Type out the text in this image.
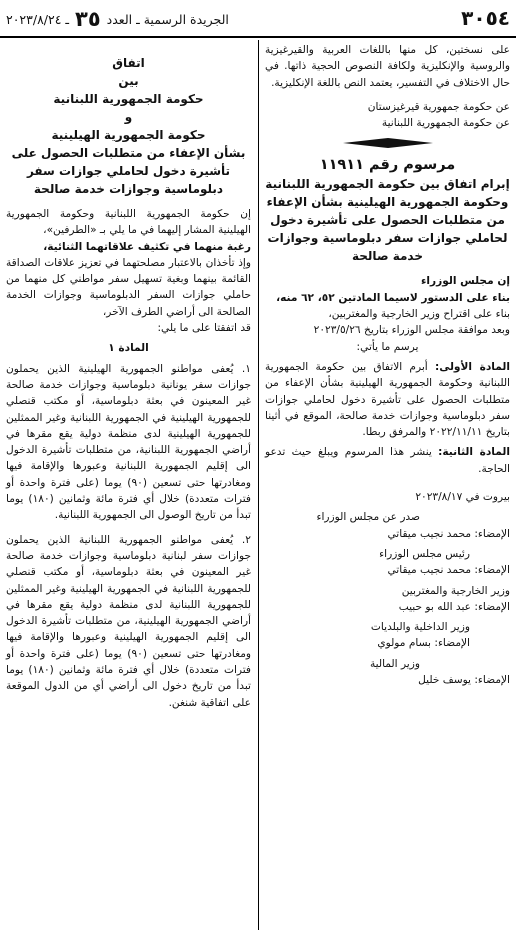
٣٠٥٤
الجريدة الرسمية ـ العدد ٣٥ ـ ٢٠٢٣/٨/٢٤

على نسختين، كل منها باللغات العربية والقيرغيزية والروسية والإنكليزية ولكافة النصوص الحجية ذاتها. في حال الاختلاف في التفسير، يعتمد النص باللغة الإنكليزية.

عن حكومة جمهورية قيرغيزستان

عن حكومة الجمهورية اللبنانية

مرسوم رقم ١١٩١١

إبرام اتفاق بين حكومة الجمهورية اللبنانية وحكومة الجمهورية الهيلينية بشأن الإعفاء من متطلبات الحصول على تأشيرة دخول لحاملي جوازات سفر دبلوماسية وجوازات خدمة صالحة

إن مجلس الوزراء

بناء على الدستور لاسيما المادتين ٥٢، ٦٢ منه،

بناء على اقتراح وزير الخارجية والمغتربين،

وبعد موافقة مجلس الوزراء بتاريخ ٢٠٢٣/٥/٢٦

يرسم ما يأتي:

المادة الأولى: أبرم الاتفاق بين حكومة الجمهورية اللبنانية وحكومة الجمهورية الهيلينية بشأن الإعفاء من متطلبات الحصول على تأشيرة دخول لحاملي جوازات سفر دبلوماسية وجوازات خدمة صالحة، الموقع في أثينا بتاريخ ٢٠٢٢/١١/١١ والمرفق ربطا.

المادة الثانية: ينشر هذا المرسوم ويبلغ حيث تدعو الحاجة.

بيروت في ٢٠٢٣/٨/١٧

صدر عن مجلس الوزراء

الإمضاء: محمد نجيب ميقاتي

رئيس مجلس الوزراء

الإمضاء: محمد نجيب ميقاتي

وزير الخارجية والمغتربين

الإمضاء: عبد الله بو حبيب

وزير الداخلية والبلديات

الإمضاء: بسام مولوي

وزير المالية

الإمضاء: يوسف خليل

اتفاق

بين

حكومة الجمهورية اللبنانية

و

حكومة الجمهورية الهيلينية

بشأن الإعفاء من متطلبات الحصول على تأشيرة دخول لحاملي جوازات سفر دبلوماسية وجوازات خدمة صالحة

إن حكومة الجمهورية اللبنانية وحكومة الجمهورية الهيلينية المشار إليهما في ما يلي بـ «الطرفين»،

رغبة منهما في تكثيف علاقاتهما الثنائية،

وإذ تأخذان بالاعتبار مصلحتهما في تعزيز علاقات الصداقة القائمة بينهما وبغية تسهيل سفر مواطني كل منهما من حاملي جوازات السفر الدبلوماسية وجوازات الخدمة الصالحة الى أراضي الطرف الآخر،

قد اتفقتا على ما يلي:

المادة ١

١. يُعفى مواطنو الجمهورية الهيلينية الذين يحملون جوازات سفر يونانية دبلوماسية وجوازات خدمة صالحة غير المعينون في بعثة دبلوماسية، أو مكتب قنصلي للجمهورية الهيلينية في الجمهورية اللبنانية وغير الممثلين للجمهورية الهيلينية لدى منظمة دولية يقع مقرها في أراضي الجمهورية اللبنانية، من متطلبات تأشيرة الدخول الى إقليم الجمهورية اللبنانية وعبورها والإقامة فيها ومغادرتها حتى تسعين (٩٠) يوما (على فترة واحدة أو فترات متعددة) خلال أي فترة مائة وثمانين (١٨٠) يوما تبدأ من تاريخ الوصول الى الجمهورية اللبنانية.

٢. يُعفى مواطنو الجمهورية اللبنانية الذين يحملون جوازات سفر لبنانية دبلوماسية وجوازات خدمة صالحة غير المعينون في بعثة دبلوماسية، أو مكتب قنصلي للجمهورية اللبنانية في الجمهورية الهيلينية وغير الممثلين للجمهورية اللبنانية لدى منظمة دولية يقع مقرها في أراضي الجمهورية الهيلينية، من متطلبات تأشيرة الدخول الى إقليم الجمهورية الهيلينية وعبورها والإقامة فيها ومغادرتها حتى تسعين (٩٠) يوما (على فترة واحدة أو فترات متعددة) خلال أي فترة مائة وثمانين (١٨٠) يوما تبدأ من تاريخ دخول الى أراضي أي من الدول الموقعة على اتفاقية شنغن.
